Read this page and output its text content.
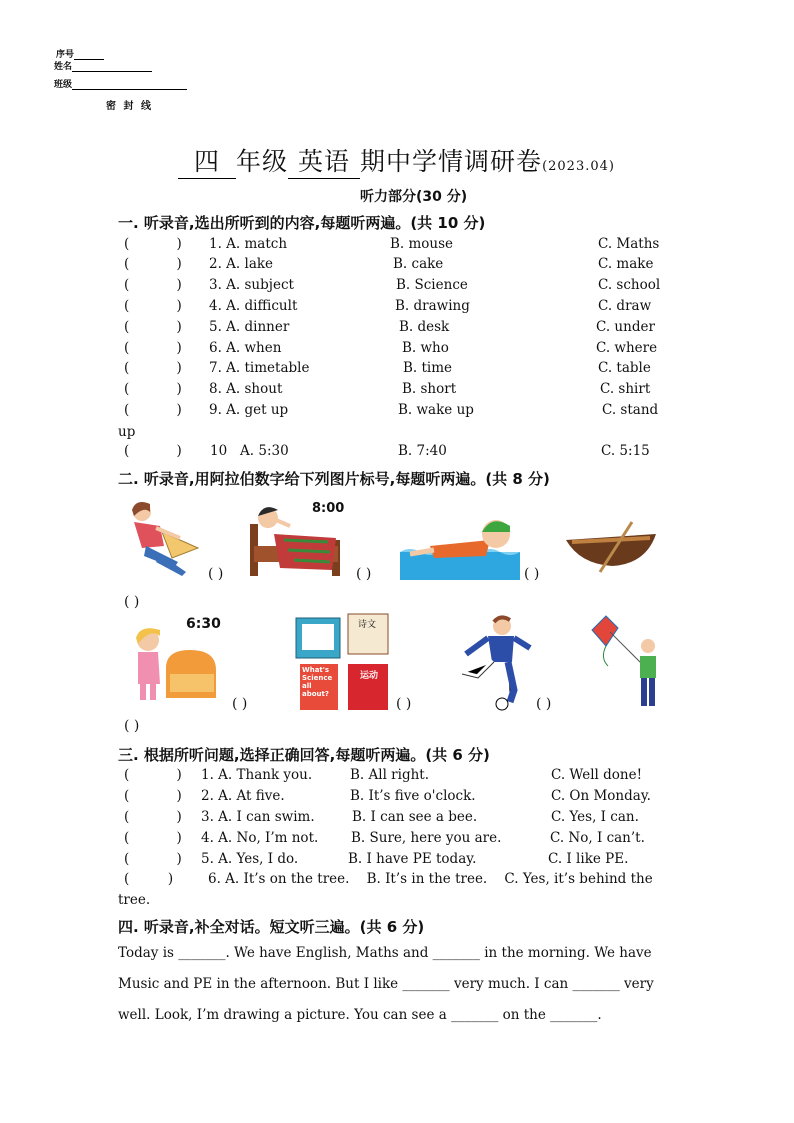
序号
姓名
班级
密 封 线
四 年级 英语 期中学情调研卷(2023.04)
听力部分(30 分)
一. 听录音,选出所听到的内容,每题听两遍。(共 10 分)
(           ) 1. A. match	B. mouse	C. Maths
(           ) 2. A. lake	B. cake	C. make
(           ) 3. A. subject	B. Science	C. school
(           ) 4. A. difficult	B. drawing	C. draw
(           ) 5. A. dinner	B. desk	C. under
(           ) 6. A. when	B. who	C. where
(           ) 7. A. timetable	B. time	C. table
(           ) 8. A. shout	B. short	C. shirt
(           ) 9. A. get up	B. wake up	C. stand
(           ) 10   A. 5:30	B. 7:40	C. 5:15
up
二. 听录音,用阿拉伯数字给下列图片标号,每题听两遍。(共 8 分)
( )
8:00
( )	( )
( )
6:30
( )
诗文
What's Science all about?
运动
( )	( )
( )
三. 根据所听问题,选择正确回答,每题听两遍。(共 6 分)
(           ) 1. A. Thank you.	B. All right.	C. Well done!
(           ) 2. A. At five.	B. It’s five o'clock.	C. On Monday.
(           ) 3. A. I can swim.	B. I can see a bee.	C. Yes, I can.
(           ) 4. A. No, I’m not. B. Sure, here you are.	C. No, I can’t.
(           ) 5. A. Yes, I do.	B. I have PE today.	C. I like PE.
(         )	6. A. It’s on the tree.    B. It’s in the tree.    C. Yes, it’s behind the
tree.
四. 听录音,补全对话。短文听三遍。(共 6 分)
Today is _______. We have English, Maths and _______ in the morning. We have
Music and PE in the afternoon. But I like _______ very much. I can _______ very
well. Look, I’m drawing a picture. You can see a _______ on the _______.
